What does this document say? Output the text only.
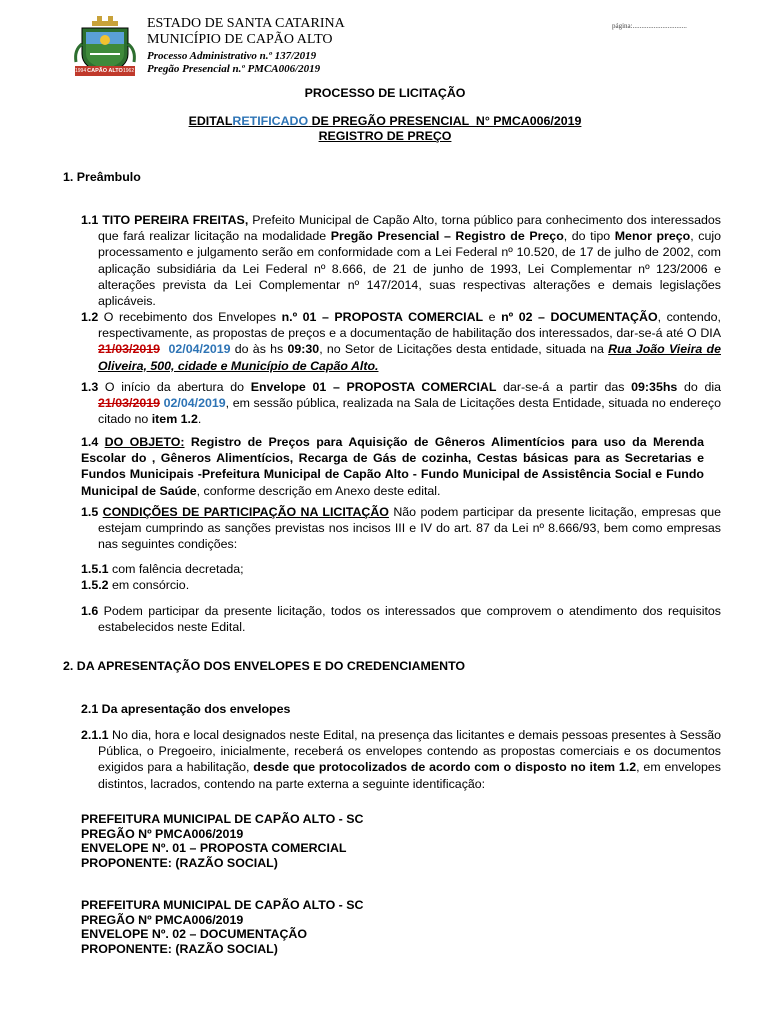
CAPÃO ALTO
1994	1962
ESTADO DE SANTA CATARINA
MUNICÍPIO DE CAPÃO ALTO
Processo Administrativo n.º 137/2019
Pregão Presencial n.º PMCA006/2019
página:...............................
PROCESSO DE LICITAÇÃO
EDITALRETIFICADO DE PREGÃO PRESENCIAL  N° PMCA006/2019
REGISTRO DE PREÇO
1. Preâmbulo
1.1 TITO PEREIRA FREITAS, Prefeito Municipal de Capão Alto, torna público para conhecimento dos interessados que fará realizar licitação na modalidade Pregão Presencial – Registro de Preço, do tipo Menor preço, cujo processamento e julgamento serão em conformidade com a Lei Federal nº 10.520, de 17 de julho de 2002, com aplicação subsidiária da Lei Federal nº 8.666, de 21 de junho de 1993, Lei Complementar nº 123/2006 e alterações prevista da Lei Complementar nº 147/2014, suas respectivas alterações e demais legislações aplicáveis.
1.2 O recebimento dos Envelopes n.º 01 – PROPOSTA COMERCIAL e nº 02 – DOCUMENTAÇÃO, contendo, respectivamente, as propostas de preços e a documentação de habilitação dos interessados, dar-se-á até O DIA 21/03/2019 02/04/2019 do às hs 09:30, no Setor de Licitações desta entidade, situada na Rua João Vieira de Oliveira, 500, cidade e Município de Capão Alto.
1.3 O início da abertura do Envelope 01 – PROPOSTA COMERCIAL dar-se-á a partir das 09:35hs do dia 21/03/2019 02/04/2019, em sessão pública, realizada na Sala de Licitações desta Entidade, situada no endereço citado no item 1.2.
1.4 DO OBJETO: Registro de Preços para Aquisição de Gêneros Alimentícios para uso da Merenda Escolar do , Gêneros Alimentícios, Recarga de Gás de cozinha, Cestas básicas para as Secretarias e Fundos Municipais -Prefeitura Municipal de Capão Alto - Fundo Municipal de Assistência Social e Fundo Municipal de Saúde, conforme descrição em Anexo deste edital.
1.5 CONDIÇÕES DE PARTICIPAÇÃO NA LICITAÇÃO Não podem participar da presente licitação, empresas que estejam cumprindo as sanções previstas nos incisos III e IV do art. 87 da Lei nº 8.666/93, bem como empresas nas seguintes condições:
1.5.1 com falência decretada;
1.5.2 em consórcio.
1.6 Podem participar da presente licitação, todos os interessados que comprovem o atendimento dos requisitos estabelecidos neste Edital.
2. DA APRESENTAÇÃO DOS ENVELOPES E DO CREDENCIAMENTO
2.1 Da apresentação dos envelopes
2.1.1 No dia, hora e local designados neste Edital, na presença das licitantes e demais pessoas presentes à Sessão Pública, o Pregoeiro, inicialmente, receberá os envelopes contendo as propostas comerciais e os documentos exigidos para a habilitação, desde que protocolizados de acordo com o disposto no item 1.2, em envelopes distintos, lacrados, contendo na parte externa a seguinte identificação:
PREFEITURA MUNICIPAL DE CAPÃO ALTO - SC
PREGÃO Nº PMCA006/2019
ENVELOPE Nº. 01 – PROPOSTA COMERCIAL
PROPONENTE: (RAZÃO SOCIAL)
PREFEITURA MUNICIPAL DE CAPÃO ALTO - SC
PREGÃO Nº PMCA006/2019
ENVELOPE Nº. 02 – DOCUMENTAÇÃO
PROPONENTE: (RAZÃO SOCIAL)
